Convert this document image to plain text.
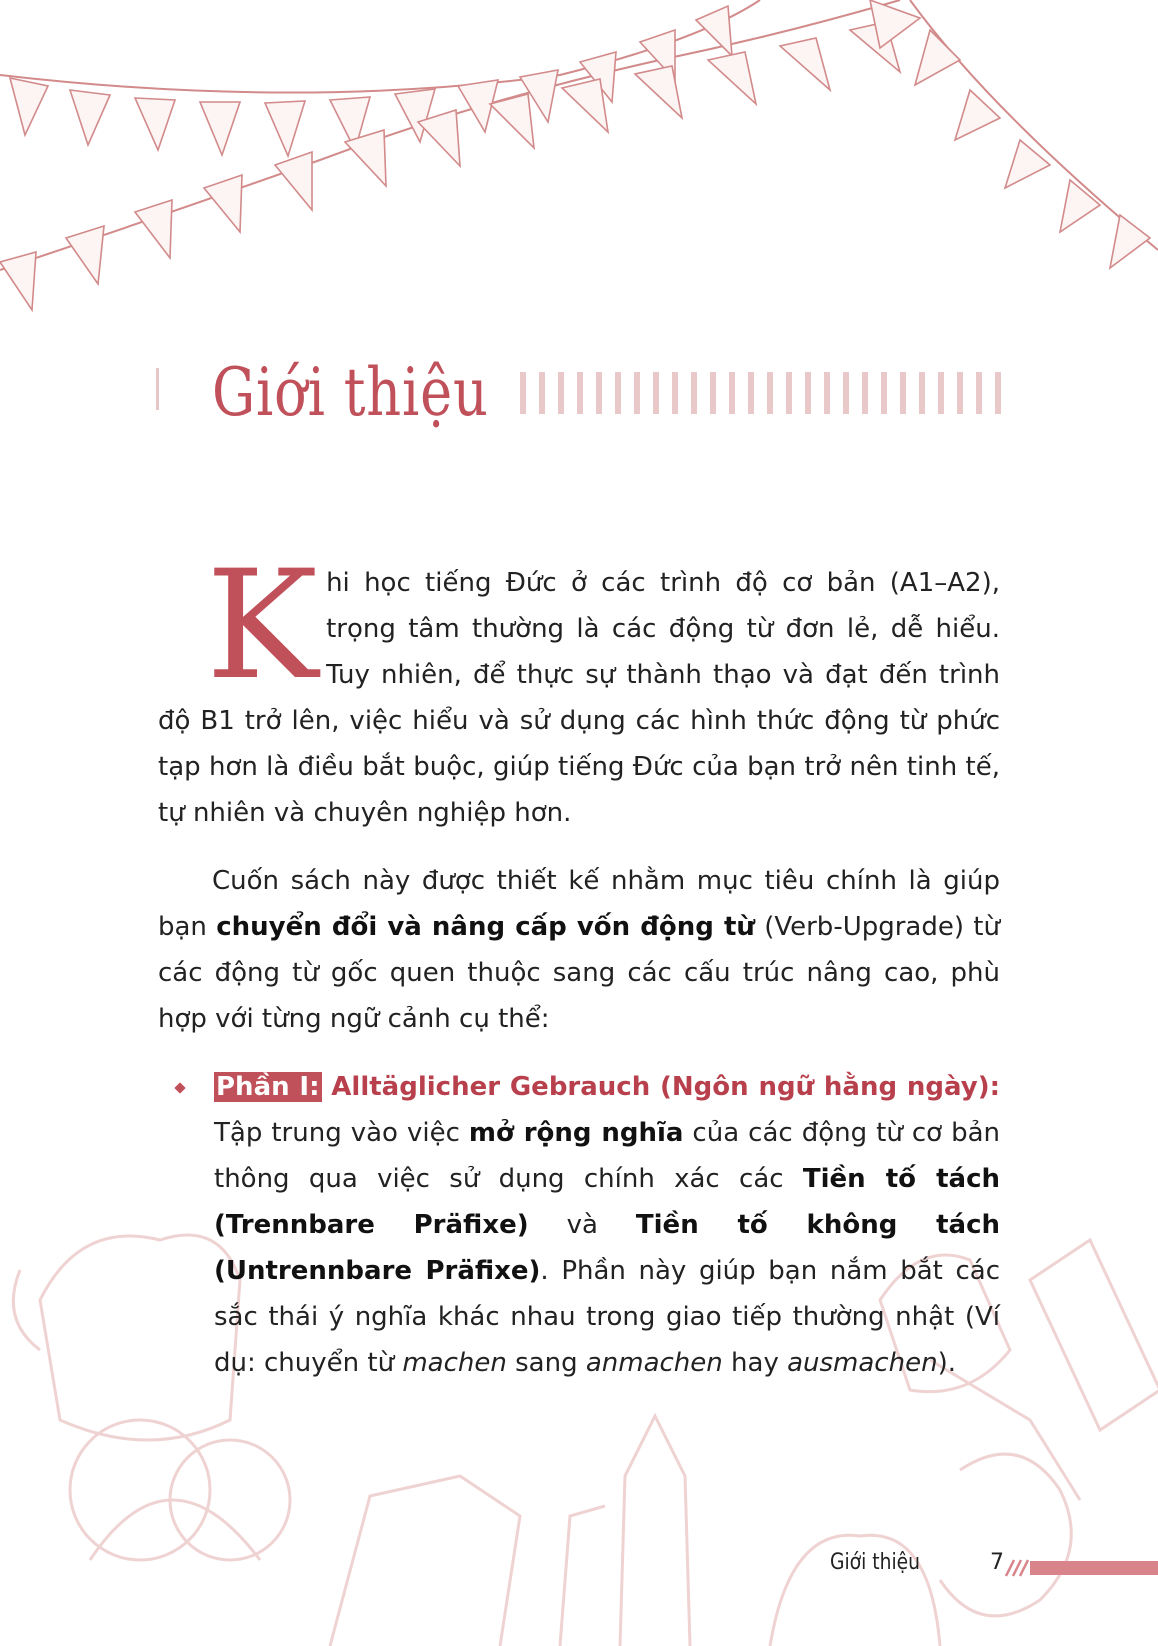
Giới thiệu

Khi học tiếng Đức ở các trình độ cơ bản (A1–A2), trọng tâm thường là các động từ đơn lẻ, dễ hiểu. Tuy nhiên, để thực sự thành thạo và đạt đến trình độ B1 trở lên, việc hiểu và sử dụng các hình thức động từ phức tạp hơn là điều bắt buộc, giúp tiếng Đức của bạn trở nên tinh tế, tự nhiên và chuyên nghiệp hơn.

Cuốn sách này được thiết kế nhằm mục tiêu chính là giúp bạn chuyển đổi và nâng cấp vốn động từ (Verb-Upgrade) từ các động từ gốc quen thuộc sang các cấu trúc nâng cao, phù hợp với từng ngữ cảnh cụ thể:

Phần I: Alltäglicher Gebrauch (Ngôn ngữ hằng ngày): Tập trung vào việc mở rộng nghĩa của các động từ cơ bản thông qua việc sử dụng chính xác các Tiền tố tách (Trennbare Präfixe) và Tiền tố không tách (Untrennbare Präfixe). Phần này giúp bạn nắm bắt các sắc thái ý nghĩa khác nhau trong giao tiếp thường nhật (Ví dụ: chuyển từ machen sang anmachen hay ausmachen).

Giới thiệu	7
